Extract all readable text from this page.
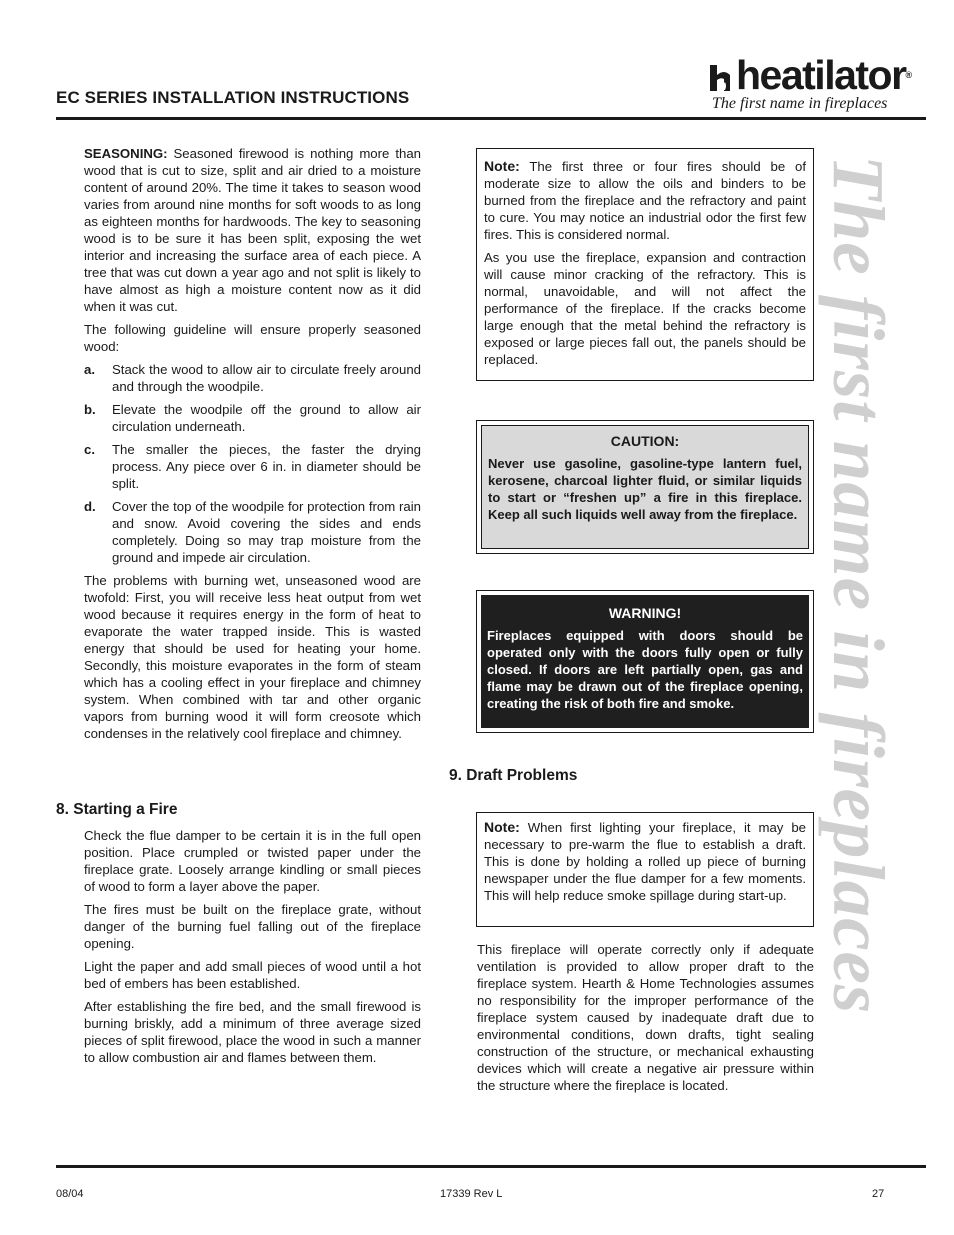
EC SERIES INSTALLATION INSTRUCTIONS	heatilator®
The first name in fireplaces
The first name in fireplaces

SEASONING: Seasoned firewood is nothing more than wood that is cut to size, split and air dried to a moisture content of around 20%. The time it takes to season wood varies from around nine months for soft woods to as long as eighteen months for hardwoods. The key to seasoning wood is to be sure it has been split, exposing the wet interior and increasing the surface area of each piece. A tree that was cut down a year ago and not split is likely to have almost as high a moisture content now as it did when it was cut.

The following guideline will ensure properly seasoned wood:

a.	Stack the wood to allow air to circulate freely around and through the woodpile.
b.	Elevate the woodpile off the ground to allow air circulation underneath.
c.	The smaller the pieces, the faster the drying process. Any piece over 6 in. in diameter should be split.
d.	Cover the top of the woodpile for protection from rain and snow. Avoid covering the sides and ends completely. Doing so may trap moisture from the ground and impede air circulation.

The problems with burning wet, unseasoned wood are twofold: First, you will receive less heat output from wet wood because it requires energy in the form of heat to evaporate the water trapped inside. This is wasted energy that should be used for heating your home. Secondly, this moisture evaporates in the form of steam which has a cooling effect in your fireplace and chimney system. When combined with tar and other organic vapors from burning wood it will form creosote which condenses in the relatively cool fireplace and chimney.

8. Starting a Fire

Check the flue damper to be certain it is in the full open position. Place crumpled or twisted paper under the fireplace grate. Loosely arrange kindling or small pieces of wood to form a layer above the paper.

The fires must be built on the fireplace grate, without danger of the burning fuel falling out of the fireplace opening.

Light the paper and add small pieces of wood until a hot bed of embers has been established.

After establishing the fire bed, and the small firewood is burning briskly, add a minimum of three average sized pieces of split firewood, place the wood in such a manner to allow combustion air and flames between them.

Note: The first three or four fires should be of moderate size to allow the oils and binders to be burned from the fireplace and the refractory and paint to cure. You may notice an industrial odor the first few fires. This is considered normal.

As you use the fireplace, expansion and contraction will cause minor cracking of the refractory. This is normal, unavoidable, and will not affect the performance of the fireplace. If the cracks become large enough that the metal behind the refractory is exposed or large pieces fall out, the panels should be replaced.

CAUTION:
Never use gasoline, gasoline-type lantern fuel, kerosene, charcoal lighter fluid, or similar liquids to start or “freshen up” a fire in this fireplace. Keep all such liquids well away from the fireplace.
WARNING!
Fireplaces equipped with doors should be operated only with the doors fully open or fully closed. If doors are left partially open, gas and flame may be drawn out of the fireplace opening, creating the risk of both fire and smoke.
9. Draft Problems

Note: When first lighting your fireplace, it may be necessary to pre-warm the flue to establish a draft. This is done by holding a rolled up piece of burning newspaper under the flue damper for a few moments. This will help reduce smoke spillage during start-up.

This fireplace will operate correctly only if adequate ventilation is provided to allow proper draft to the fireplace system. Hearth & Home Technologies assumes no responsibility for the improper performance of the fireplace system caused by inadequate draft due to environmental conditions, down drafts, tight sealing construction of the structure, or mechanical exhausting devices which will create a negative air pressure within the structure where the fireplace is located.

08/04	17339 Rev L	27
